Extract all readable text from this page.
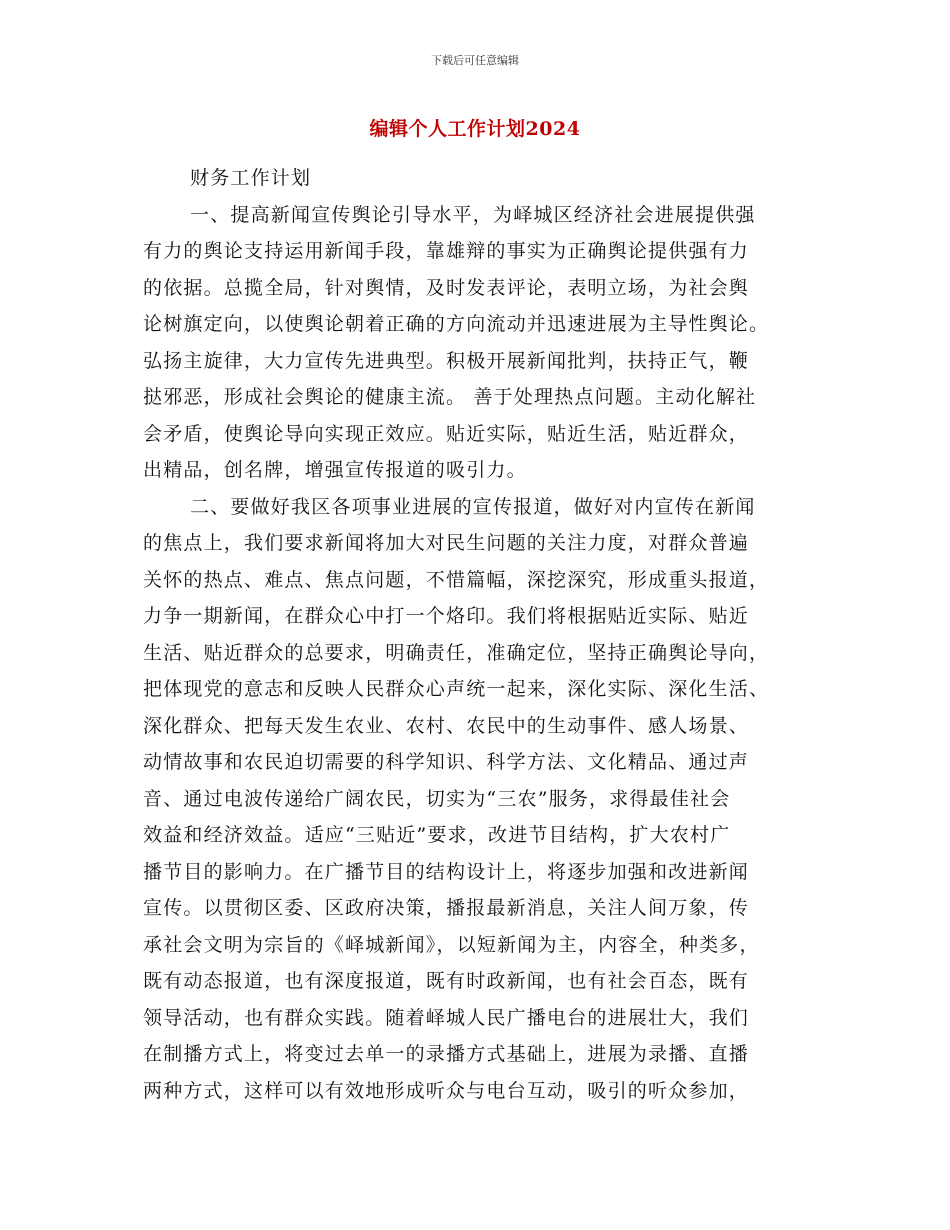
下载后可任意编辑
编辑个人工作计划2024
财务工作计划
一、提高新闻宣传舆论引导水平，为峄城区经济社会进展提供强
有力的舆论支持运用新闻手段，靠雄辩的事实为正确舆论提供强有力
的依据。总揽全局，针对舆情，及时发表评论，表明立场，为社会舆
论树旗定向，以使舆论朝着正确的方向流动并迅速进展为主导性舆论。
弘扬主旋律，大力宣传先进典型。积极开展新闻批判，扶持正气，鞭
挞邪恶，形成社会舆论的健康主流。 善于处理热点问题。主动化解社
会矛盾，使舆论导向实现正效应。贴近实际，贴近生活，贴近群众，
出精品，创名牌，增强宣传报道的吸引力。
二、要做好我区各项事业进展的宣传报道，做好对内宣传在新闻
的焦点上，我们要求新闻将加大对民生问题的关注力度，对群众普遍
关怀的热点、难点、焦点问题，不惜篇幅，深挖深究，形成重头报道，
力争一期新闻，在群众心中打一个烙印。我们将根据贴近实际、贴近
生活、贴近群众的总要求，明确责任，准确定位，坚持正确舆论导向，
把体现党的意志和反映人民群众心声统一起来，深化实际、深化生活、
深化群众、把每天发生农业、农村、农民中的生动事件、感人场景、
动情故事和农民迫切需要的科学知识、科学方法、文化精品、通过声
音、通过电波传递给广阔农民，切实为“三农”服务，求得最佳社会
效益和经济效益。适应“三贴近”要求，改进节目结构，扩大农村广
播节目的影响力。在广播节目的结构设计上，将逐步加强和改进新闻
宣传。以贯彻区委、区政府决策，播报最新消息，关注人间万象，传
承社会文明为宗旨的《峄城新闻》，以短新闻为主，内容全，种类多，
既有动态报道，也有深度报道，既有时政新闻，也有社会百态，既有
领导活动，也有群众实践。随着峄城人民广播电台的进展壮大，我们
在制播方式上，将变过去单一的录播方式基础上，进展为录播、直播
两种方式，这样可以有效地形成听众与电台互动，吸引的听众参加，
